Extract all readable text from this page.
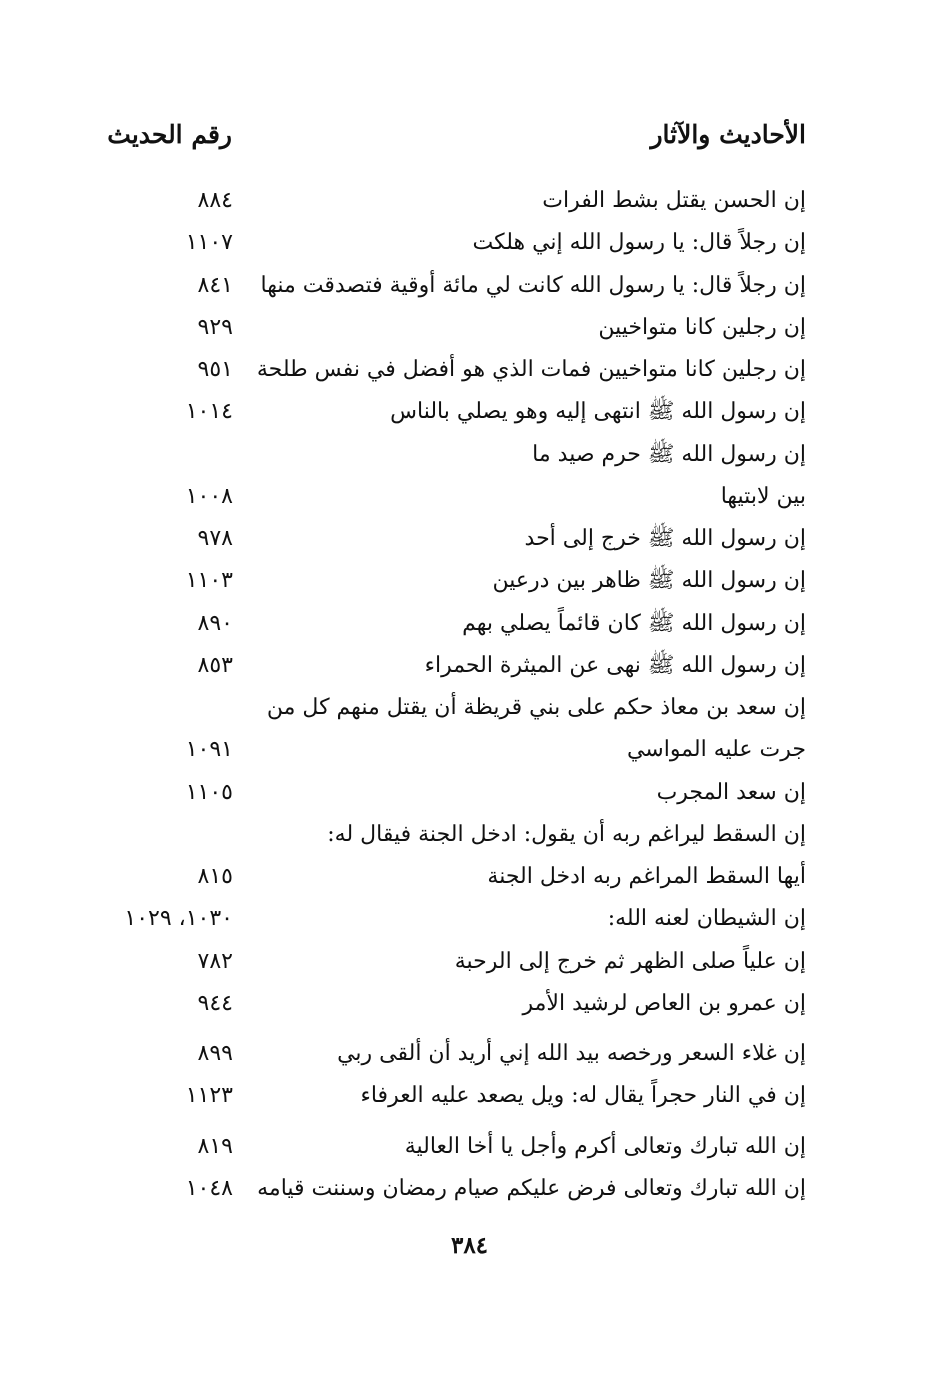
الأحاديث والآثار
رقم الحديث
إن الحسن يقتل بشط الفرات
٨٨٤
إن رجلاً قال: يا رسول الله إني هلكت
١١٠٧
إن رجلاً قال: يا رسول الله كانت لي مائة أوقية فتصدقت منها
٨٤١
إن رجلين كانا متواخيين
٩٢٩
إن رجلين كانا متواخيين فمات الذي هو أفضل في نفس طلحة
٩٥١
إن رسول الله ﷺ انتهى إليه وهو يصلي بالناس
١٠١٤
إن رسول الله ﷺ حرم صيد ما
بين لابتيها
١٠٠٨
إن رسول الله ﷺ خرج إلى أحد
٩٧٨
إن رسول الله ﷺ ظاهر بين درعين
١١٠٣
إن رسول الله ﷺ كان قائماً يصلي بهم
٨٩٠
إن رسول الله ﷺ نهى عن الميثرة الحمراء
٨٥٣
إن سعد بن معاذ حكم على بني قريظة أن يقتل منهم كل من
جرت عليه المواسي
١٠٩١
إن سعد المجرب
١١٠٥
إن السقط ليراغم ربه أن يقول: ادخل الجنة فيقال له:
أيها السقط المراغم ربه ادخل الجنة
٨١٥
إن الشيطان لعنه الله:
١٠٣٠، ١٠٢٩
إن علياً صلى الظهر ثم خرج إلى الرحبة
٧٨٢
إن عمرو بن العاص لرشيد الأمر
٩٤٤
إن غلاء السعر ورخصه بيد الله إني أريد أن ألقى ربي
٨٩٩
إن في النار حجراً يقال له: ويل يصعد عليه العرفاء
١١٢٣
إن الله تبارك وتعالى أكرم وأجل يا أخا العالية
٨١٩
إن الله تبارك وتعالى فرض عليكم صيام رمضان وسننت قيامه
١٠٤٨
٣٨٤
